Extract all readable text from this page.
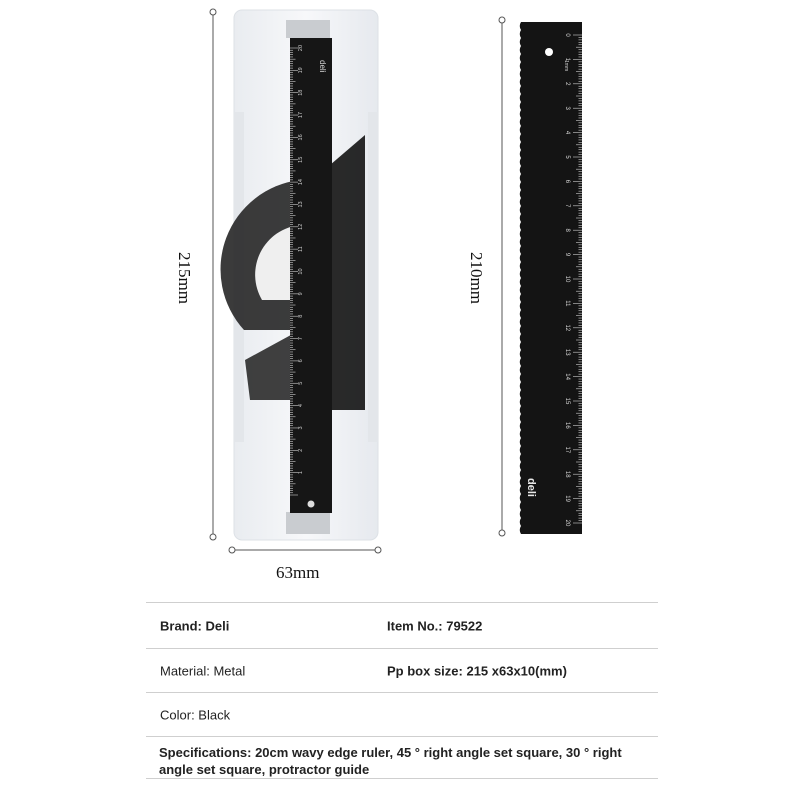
1
2
3
4
5
6
7
8
9
10
11
12
13
14
15
16
17
18
19
20
deli
0
1
2
3
4
5
6
7
8
9
10
11
12
13
14
15
16
17
18
19
20
deli
1mm
215mm	210mm
63mm
Brand: Deli	Item No.: 79522
Material: Metal	Pp box size: 215 x63x10(mm)
Color: Black
Specifications: 20cm wavy edge ruler, 45 ° right angle set square, 30 ° right angle set square, protractor guide
